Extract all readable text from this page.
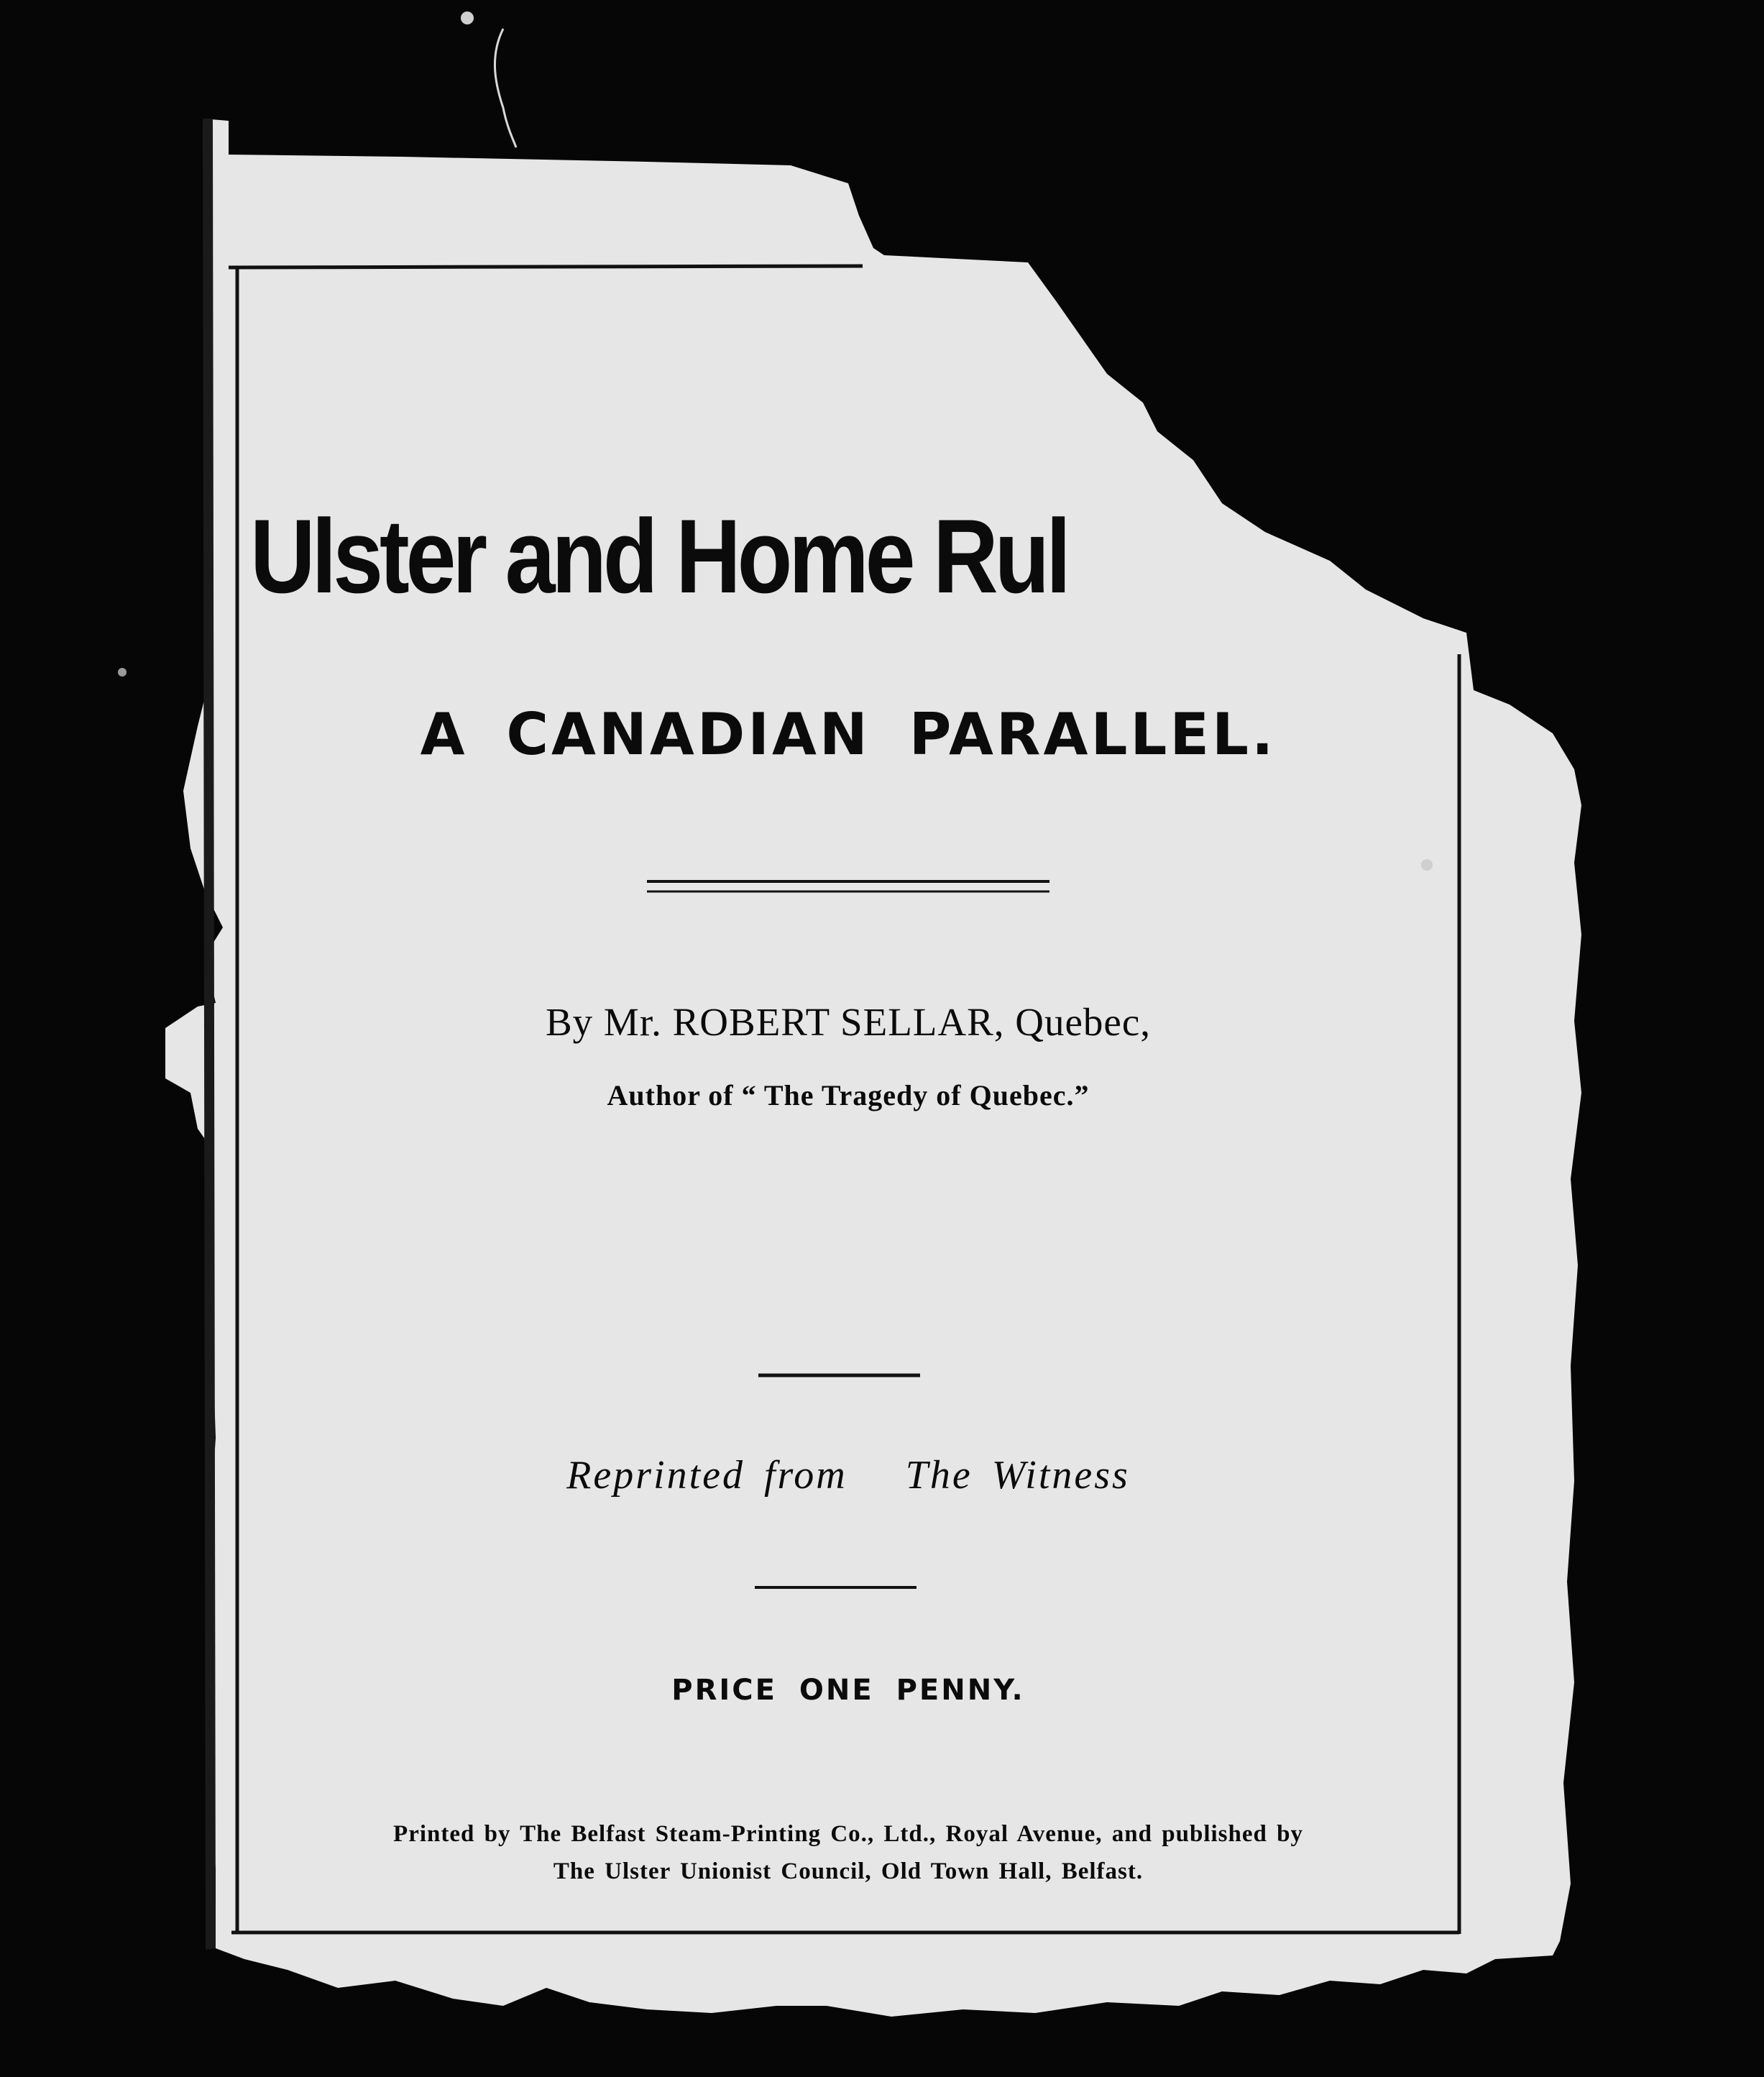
Ulster and Home Rul
A CANADIAN PARALLEL.
By Mr. ROBERT SELLAR, Quebec,
Author of “ The Tragedy of Quebec.”
Reprinted from   The Witness
PRICE ONE PENNY.
Printed by The Belfast Steam-Printing Co., Ltd., Royal Avenue, and published by
The Ulster Unionist Council, Old Town Hall, Belfast.
